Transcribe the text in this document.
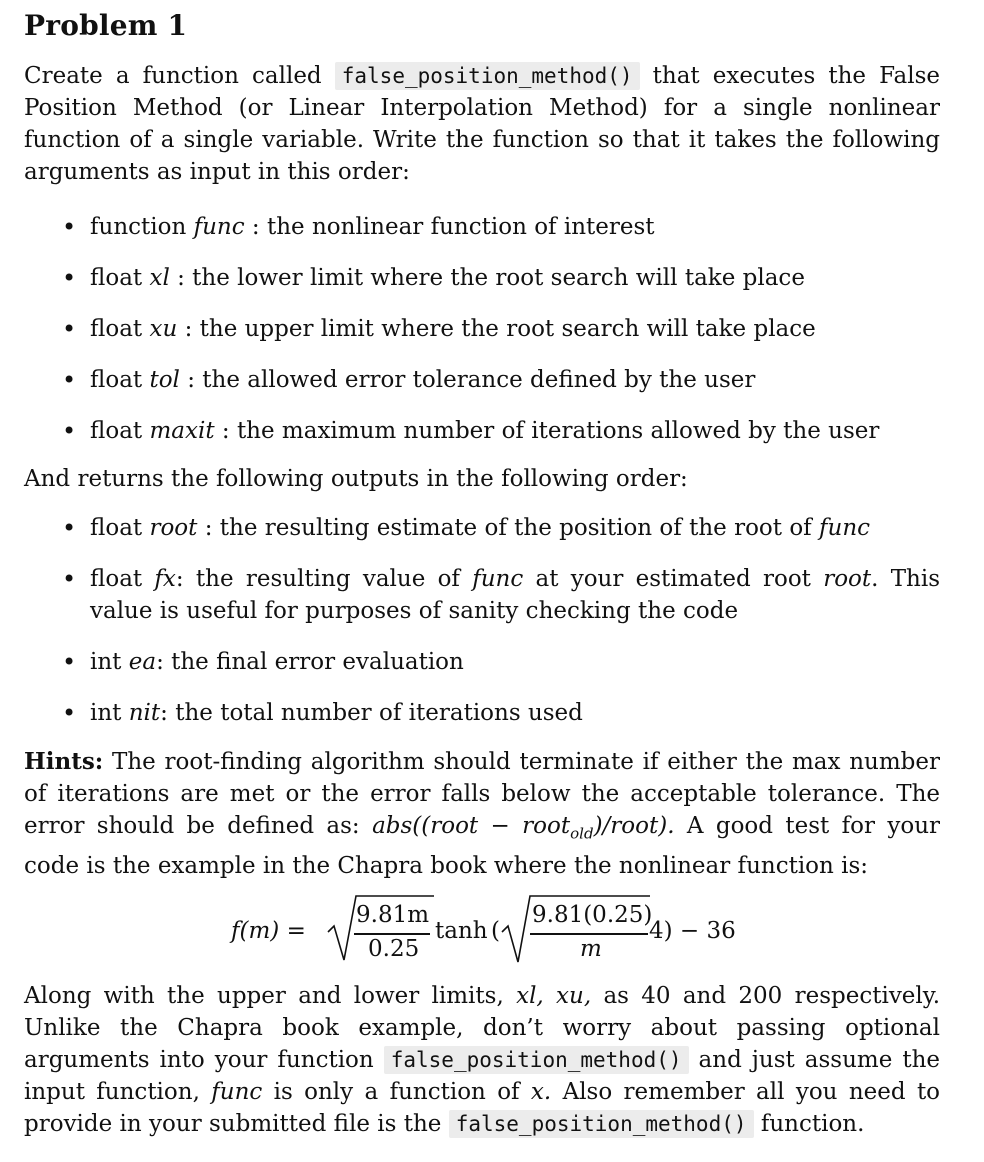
Problem 1

Create a function called false_position_method() that executes the False Position Method (or Linear Interpolation Method) for a single nonlinear function of a single variable. Write the function so that it takes the following arguments as input in this order:

• function func : the nonlinear function of interest
• float xl : the lower limit where the root search will take place
• float xu : the upper limit where the root search will take place
• float tol : the allowed error tolerance defined by the user
• float maxit : the maximum number of iterations allowed by the user

And returns the following outputs in the following order:

• float root : the resulting estimate of the position of the root of func
• float fx: the resulting value of func at your estimated root root. This value is useful for purposes of sanity checking the code
• int ea: the final error evaluation
• int nit: the total number of iterations used

Hints: The root-finding algorithm should terminate if either the max number of iterations are met or the error falls below the acceptable tolerance. The error should be defined as: abs((root − root$_{old}$)/root). A good test for your code is the example in the Chapra book where the nonlinear function is:

f(m) =
9.81m
0.25
tanh (
9.81(0.25)
m
4) − 36

Along with the upper and lower limits, xl, xu, as 40 and 200 respectively. Unlike the Chapra book example, don’t worry about passing optional arguments into your function false_position_method() and just assume the input function, func is only a function of x. Also remember all you need to provide in your submitted file is the false_position_method() function.
